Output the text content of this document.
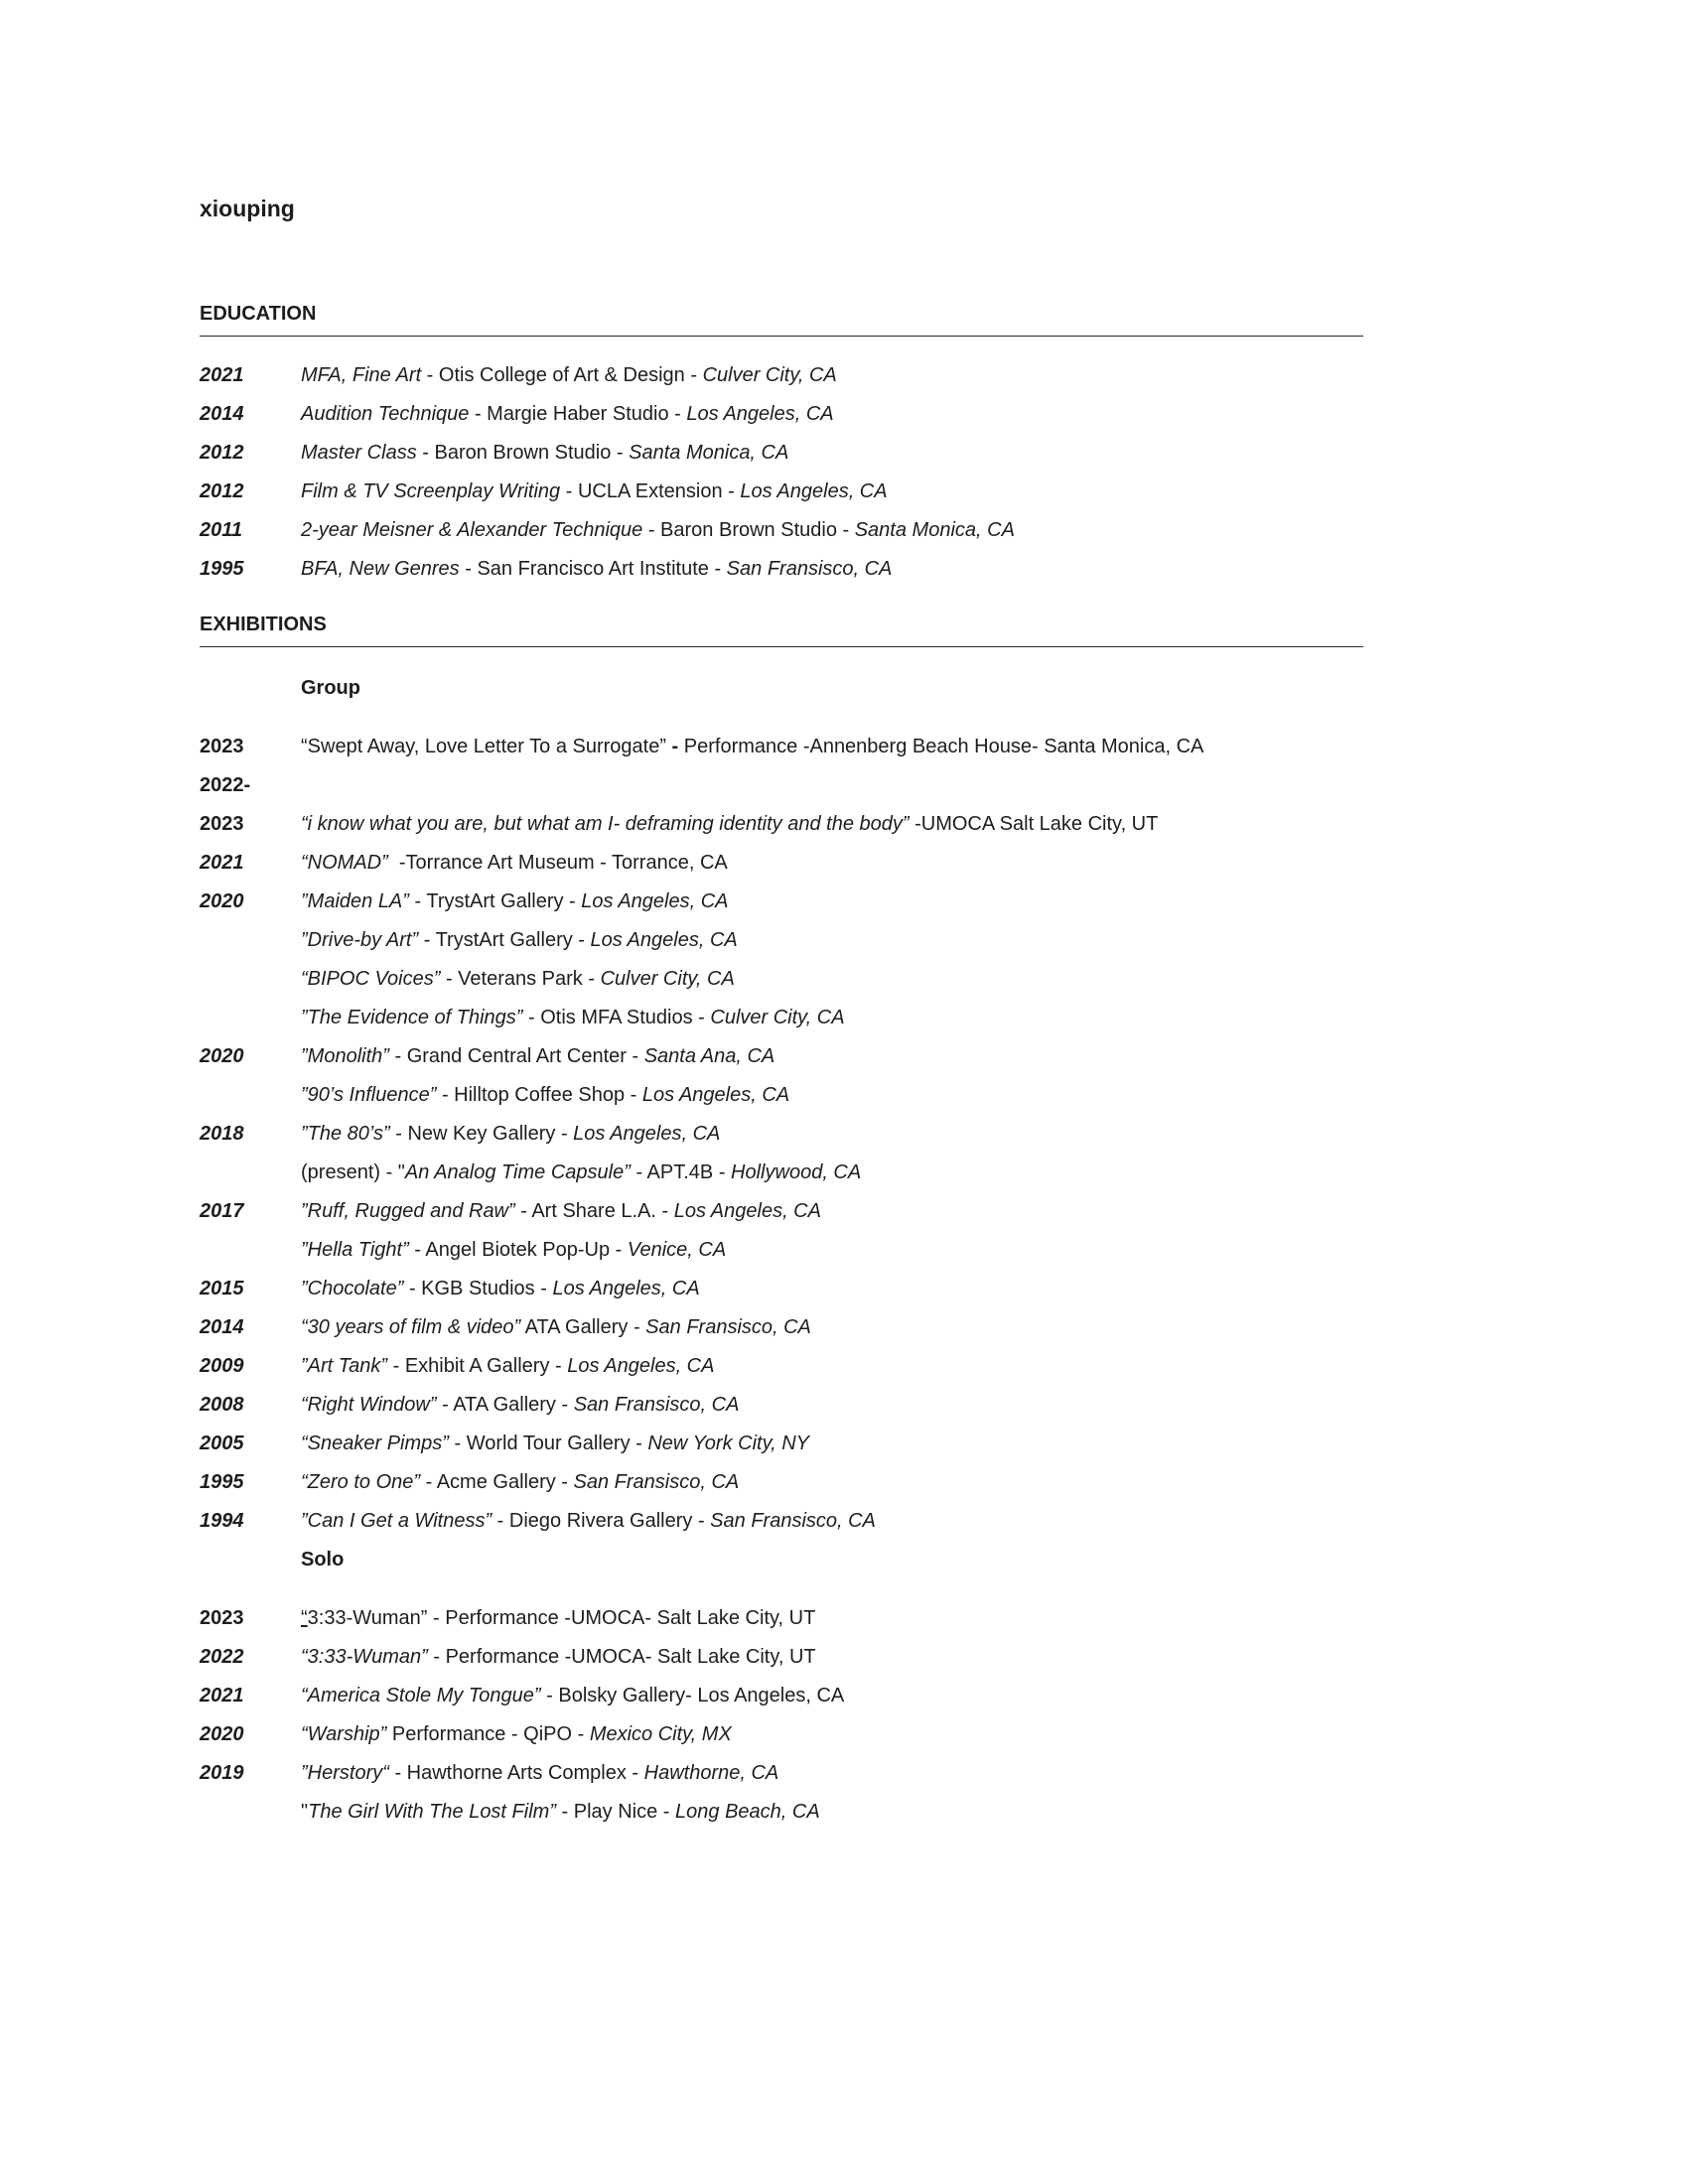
xiouping
EDUCATION
2021	MFA, Fine Art - Otis College of Art & Design - Culver City, CA
2014	Audition Technique - Margie Haber Studio - Los Angeles, CA
2012	Master Class - Baron Brown Studio - Santa Monica, CA
2012	Film & TV Screenplay Writing - UCLA Extension - Los Angeles, CA
2011	2-year Meisner & Alexander Technique - Baron Brown Studio - Santa Monica, CA
1995	BFA, New Genres - San Francisco Art Institute - San Fransisco, CA
EXHIBITIONS
Group
2023	“Swept Away, Love Letter To a Surrogate” - Performance -Annenberg Beach House- Santa Monica, CA
2022-
2023	“i know what you are, but what am I- deframing identity and the body” -UMOCA Salt Lake City, UT
2021	“NOMAD”  -Torrance Art Museum - Torrance, CA
2020	”Maiden LA” - TrystArt Gallery - Los Angeles, CA
”Drive-by Art” - TrystArt Gallery - Los Angeles, CA
“BIPOC Voices” - Veterans Park - Culver City, CA
”The Evidence of Things” - Otis MFA Studios - Culver City, CA
2020	”Monolith” - Grand Central Art Center - Santa Ana, CA
”90’s Influence” - Hilltop Coffee Shop - Los Angeles, CA
2018	”The 80’s” - New Key Gallery - Los Angeles, CA
(present) - "An Analog Time Capsule” - APT.4B - Hollywood, CA
2017	”Ruff, Rugged and Raw” - Art Share L.A. - Los Angeles, CA
”Hella Tight” - Angel Biotek Pop-Up - Venice, CA
2015	”Chocolate” - KGB Studios - Los Angeles, CA
2014	“30 years of film & video” ATA Gallery - San Fransisco, CA
2009	”Art Tank” - Exhibit A Gallery - Los Angeles, CA
2008	“Right Window” - ATA Gallery - San Fransisco, CA
2005	“Sneaker Pimps” - World Tour Gallery - New York City, NY
1995	“Zero to One” - Acme Gallery - San Fransisco, CA
1994	”Can I Get a Witness” - Diego Rivera Gallery - San Fransisco, CA
Solo
2023	“3:33-Wuman” - Performance -UMOCA- Salt Lake City, UT
2022	“3:33-Wuman” - Performance -UMOCA- Salt Lake City, UT
2021	“America Stole My Tongue” - Bolsky Gallery- Los Angeles, CA
2020	“Warship” Performance - QiPO - Mexico City, MX
2019	”Herstory“ - Hawthorne Arts Complex - Hawthorne, CA
"The Girl With The Lost Film” - Play Nice - Long Beach, CA
